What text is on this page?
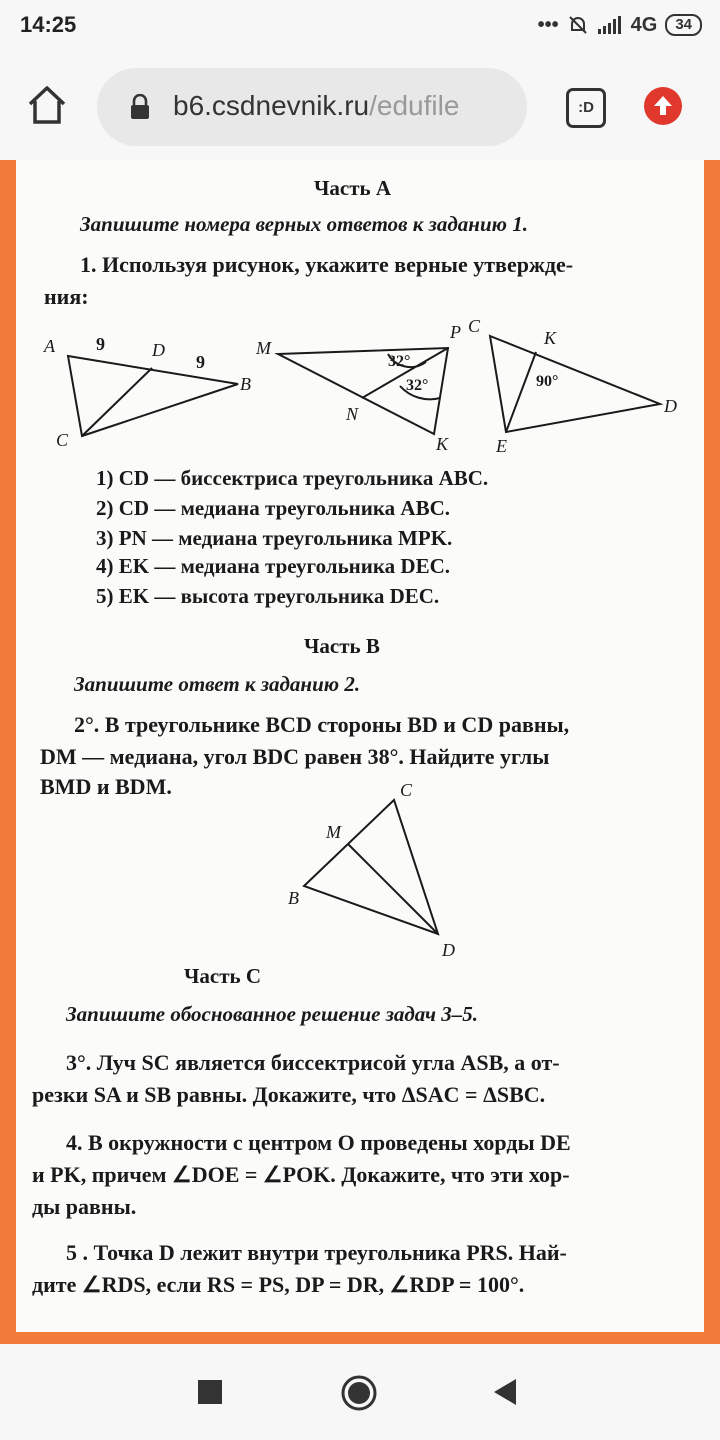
14:25	•••	4G	34
b6.csdnevnik.ru/edufile	:D
Часть А
Запишите номера верных ответов к заданию 1.
1. Используя рисунок, укажите верные утвержде-
ния:
A 9	D
9
B
C
M
P
N
K
32°
32°
C
K
D
E
90°
1) CD — биссектриса треугольника ABC.
2) CD — медиана треугольника ABC.
3) PN — медиана треугольника MPK.
4) EK — медиана треугольника DEC.
5) EK — высота треугольника DEC.
Часть В
Запишите ответ к заданию 2.
2°. В треугольнике BCD стороны BD и CD равны,
DM — медиана, угол BDC равен 38°. Найдите углы
BMD и BDM.	C
M
B
D
Часть С
Запишите обоснованное решение задач 3–5.
3°. Луч SC является биссектрисой угла ASB, а от-
резки SA и SB равны. Докажите, что ΔSAC = ΔSBC.
4. В окружности с центром O проведены хорды DE
и PK, причем ∠DOE = ∠POK. Докажите, что эти хор-
ды равны.
5 . Точка D лежит внутри треугольника PRS. Най-
дите ∠RDS, если RS = PS, DP = DR, ∠RDP = 100°.
